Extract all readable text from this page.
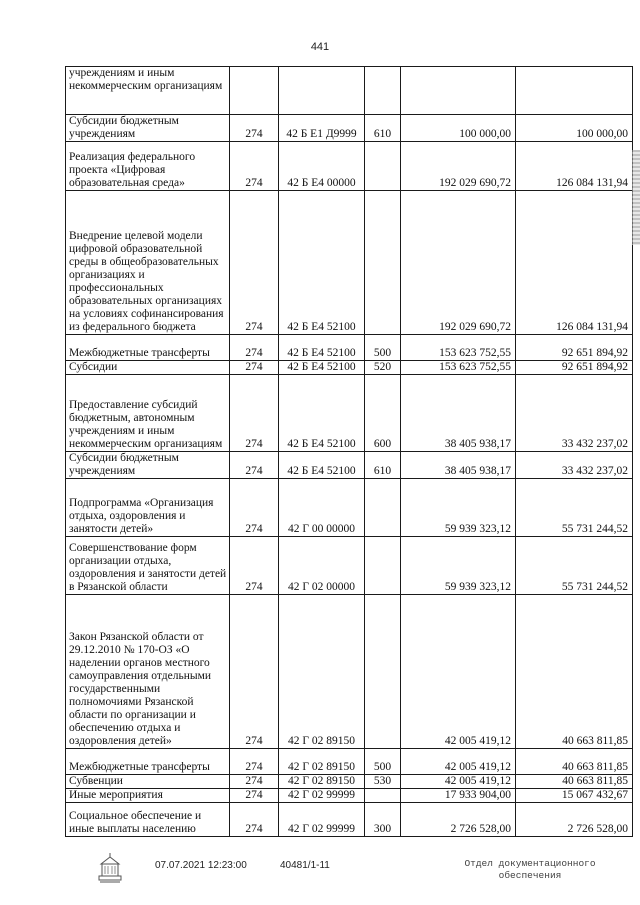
441
учреждениям и иным некоммерческим организациям					
Субсидии бюджетным учреждениям	274	42 Б Е1 Д9999	610	100 000,00	100 000,00
Реализация федерального проекта «Цифровая образовательная среда»	274	42 Б Е4 00000		192 029 690,72	126 084 131,94
Внедрение целевой модели цифровой образовательной среды в общеобразовательных организациях и профессиональных образовательных организациях на условиях софинансирования из федерального бюджета	274	42 Б Е4 52100		192 029 690,72	126 084 131,94
Межбюджетные трансферты	274	42 Б Е4 52100	500	153 623 752,55	92 651 894,92
Субсидии	274	42 Б Е4 52100	520	153 623 752,55	92 651 894,92
Предоставление субсидий бюджетным, автономным учреждениям и иным некоммерческим организациям	274	42 Б Е4 52100	600	38 405 938,17	33 432 237,02
Субсидии бюджетным учреждениям	274	42 Б Е4 52100	610	38 405 938,17	33 432 237,02
Подпрограмма «Организация отдыха, оздоровления и занятости детей»	274	42 Г 00 00000		59 939 323,12	55 731 244,52
Совершенствование форм организации отдыха, оздоровления и занятости детей в Рязанской области	274	42 Г 02 00000		59 939 323,12	55 731 244,52
Закон Рязанской области от 29.12.2010 № 170-ОЗ «О наделении органов местного самоуправления отдельными государственными полномочиями Рязанской области по организации и обеспечению отдыха и оздоровления детей»	274	42 Г 02 89150		42 005 419,12	40 663 811,85
Межбюджетные трансферты	274	42 Г 02 89150	500	42 005 419,12	40 663 811,85
Субвенции	274	42 Г 02 89150	530	42 005 419,12	40 663 811,85
Иные мероприятия	274	42 Г 02 99999		17 933 904,00	15 067 432,67
Социальное обеспечение и иные выплаты населению	274	42 Г 02 99999	300	2 726 528,00	2 726 528,00
07.07.2021 12:23:00	40481/1-11	Отдел документационного
обеспечения
